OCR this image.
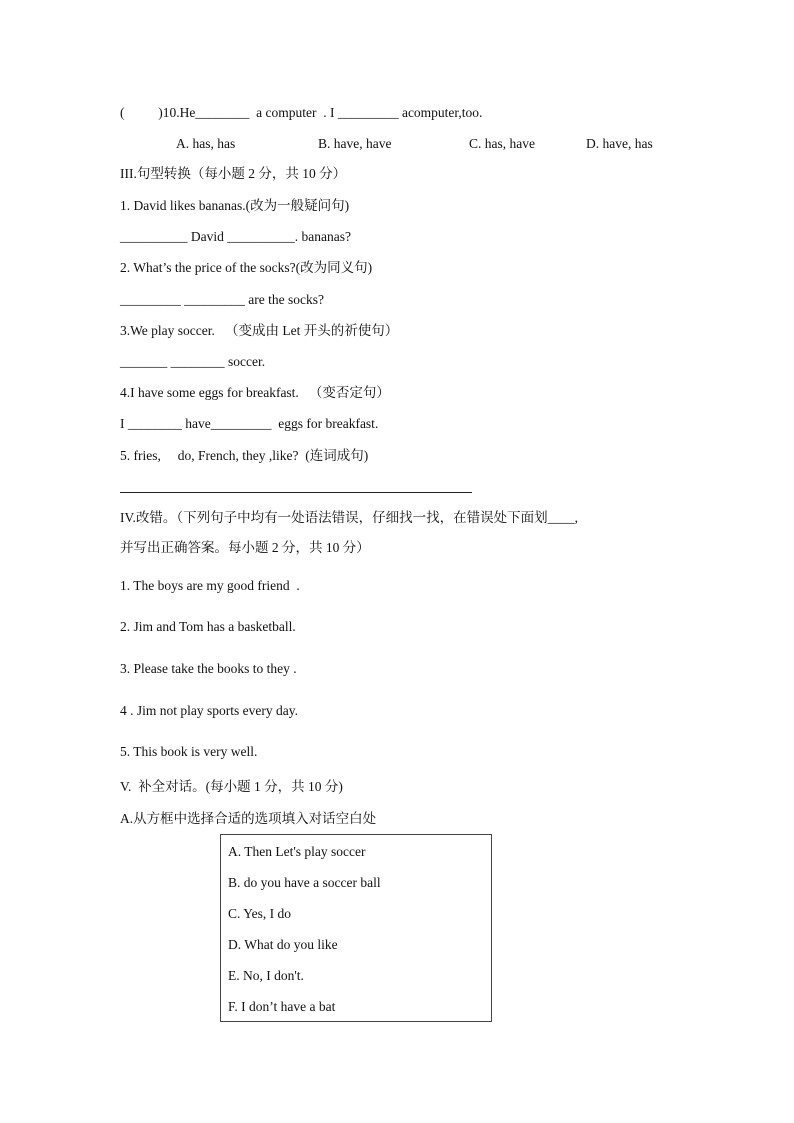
(          )10.He________  a computer  . I _________ acomputer,too.
A. has, has	B. have, have	C. has, have	D. have, has
III.句型转换（每小题 2 分，共 10 分）
1. David likes bananas.(改为一般疑问句)
__________ David __________. bananas?
2. What’s the price of the socks?(改为同义句)
_________ _________ are the socks?
3.We play soccer.   （变成由 Let 开头的祈使句）
_______ ________ soccer.
4.I have some eggs for breakfast.   （变否定句）
I ________ have_________  eggs for breakfast.
5. fries,     do, French, they ,like?  (连词成句)
IV.改错。（下列句子中均有一处语法错误，仔细找一找，在错误处下面划____,
并写出正确答案。每小题 2 分，共 10 分）
1. The boys are my good friend  .
2. Jim and Tom has a basketball.
3. Please take the books to they .
4 . Jim not play sports every day.
5. This book is very well.
V.  补全对话。(每小题 1 分，共 10 分)
A.从方框中选择合适的选项填入对话空白处
A. Then Let's play soccer
B. do you have a soccer ball
C. Yes, I do
D. What do you like
E. No, I don't.
F. I don’t have a bat
